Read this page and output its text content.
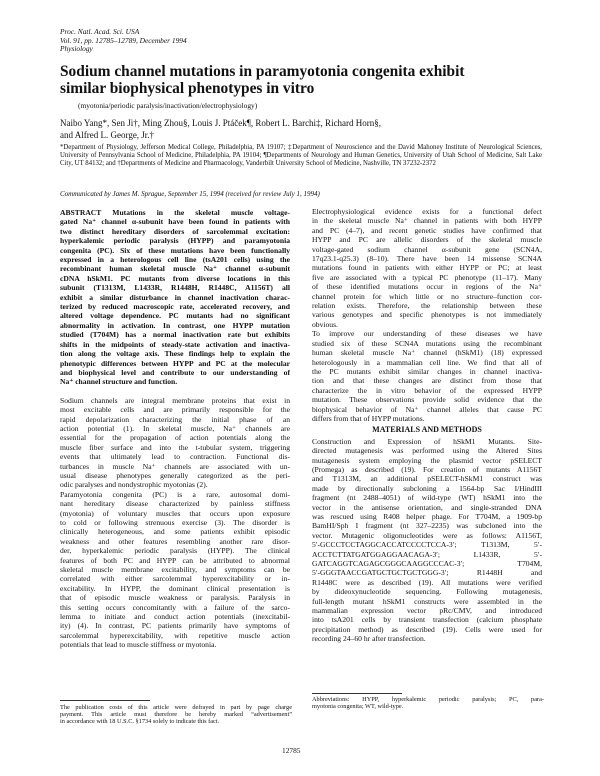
Proc. Natl. Acad. Sci. USA
Vol. 91, pp. 12785–12789, December 1994
Physiology
Sodium channel mutations in paramyotonia congenita exhibit
similar biophysical phenotypes in vitro
(myotonia/periodic paralysis/inactivation/electrophysiology)
Naibo Yang*, Sen Ji†, Ming Zhou§, Louis J. Ptáček¶, Robert L. Barchi‡, Richard Horn§,
and Alfred L. George, Jr.†
*Department of Physiology, Jefferson Medical College, Philadelphia, PA 19107; ‡Department of Neuroscience and the David Mahoney Institute of Neurological Sciences, University of Pennsylvania School of Medicine, Philadelphia, PA 19104; ¶Departments of Neurology and Human Genetics, University of Utah School of Medicine, Salt Lake City, UT 84132; and †Departments of Medicine and Pharmacology, Vanderbilt University School of Medicine, Nashville, TN 37232-2372
Communicated by James M. Sprague, September 15, 1994 (received for review July 1, 1994)
ABSTRACT Mutations in the skeletal muscle voltage-
gated Na⁺ channel α-subunit have been found in patients with
two distinct hereditary disorders of sarcolemmal excitation:
hyperkalemic periodic paralysis (HYPP) and paramyotonia
congenita (PC). Six of these mutations have been functionally
expressed in a heterologous cell line (tsA201 cells) using the
recombinant human skeletal muscle Na⁺ channel α-subunit
cDNA hSkM1. PC mutants from diverse locations in this
subunit (T1313M, L1433R, R1448H, R1448C, A1156T) all
exhibit a similar disturbance in channel inactivation charac-
terized by reduced macroscopic rate, accelerated recovery, and
altered voltage dependence. PC mutants had no significant
abnormality in activation. In contrast, one HYPP mutation
studied (T704M) has a normal inactivation rate but exhibits
shifts in the midpoints of steady-state activation and inactiva-
tion along the voltage axis. These findings help to explain the
phenotypic differences between HYPP and PC at the molecular
and biophysical level and contribute to our understanding of
Na⁺ channel structure and function.
Sodium channels are integral membrane proteins that exist in
most excitable cells and are primarily responsible for the
rapid depolarization characterizing the initial phase of an
action potential (1). In skeletal muscle, Na⁺ channels are
essential for the propagation of action potentials along the
muscle fiber surface and into the t-tubular system, triggering
events that ultimately lead to contraction. Functional dis-
turbances in muscle Na⁺ channels are associated with un-
usual disease phenotypes generally categorized as the peri-
odic paralyses and nondystrophic myotonias (2).
Paramyotonia congenita (PC) is a rare, autosomal domi-
nant hereditary disease characterized by painless stiffness
(myotonia) of voluntary muscles that occurs upon exposure
to cold or following strenuous exercise (3). The disorder is
clinically heterogeneous, and some patients exhibit episodic
weakness and other features resembling another rare disor-
der, hyperkalemic periodic paralysis (HYPP). The clinical
features of both PC and HYPP can be attributed to abnormal
skeletal muscle membrane excitability, and symptoms can be
correlated with either sarcolemmal hyperexcitability or in-
excitability. In HYPP, the dominant clinical presentation is
that of episodic muscle weakness or paralysis. Paralysis in
this setting occurs concomitantly with a failure of the sarco-
lemma to initiate and conduct action potentials (inexcitabil-
ity) (4). In contrast, PC patients primarily have symptoms of
sarcolemmal hyperexcitability, with repetitive muscle action
potentials that lead to muscle stiffness or myotonia.
The publication costs of this article were defrayed in part by page charge
payment. This article must therefore be hereby marked “advertisement”
in accordance with 18 U.S.C. §1734 solely to indicate this fact.
Electrophysiological evidence exists for a functional defect
in the skeletal muscle Na⁺ channel in patients with both HYPP
and PC (4–7), and recent genetic studies have confirmed that
HYPP and PC are allelic disorders of the skeletal muscle
voltage-gated sodium channel α-subunit gene (SCN4A,
17q23.1-q25.3) (8–10). There have been 14 missense SCN4A
mutations found in patients with either HYPP or PC; at least
five are associated with a typical PC phenotype (11–17). Many
of these identified mutations occur in regions of the Na⁺
channel protein for which little or no structure–function cor-
relation exists. Therefore, the relationship between these
various genotypes and specific phenotypes is not immediately
obvious.
To improve our understanding of these diseases we have
studied six of these SCN4A mutations using the recombinant
human skeletal muscle Na⁺ channel (hSkM1) (18) expressed
heterologously in a mammalian cell line. We find that all of
the PC mutants exhibit similar changes in channel inactiva-
tion and that these changes are distinct from those that
characterize the in vitro behavior of the expressed HYPP
mutation. These observations provide solid evidence that the
biophysical behavior of Na⁺ channel alleles that cause PC
differs from that of HYPP mutations.
MATERIALS AND METHODS
Construction and Expression of hSkM1 Mutants. Site-
directed mutagenesis was performed using the Altered Sites
mutagenesis system employing the plasmid vector pSELECT
(Promega) as described (19). For creation of mutants A1156T
and T1313M, an additional pSELECT-hSkM1 construct was
made by directionally subcloning a 1564-bp Sac I/HindIII
fragment (nt 2488–4051) of wild-type (WT) hSkM1 into the
vector in the antisense orientation, and single-stranded DNA
was rescued using R408 helper phage. For T704M, a 1909-bp
BamHI/Sph I fragment (nt 327–2235) was subcloned into the
vector. Mutagenic oligonucleotides were as follows: A1156T,
5′-GCCCTCCTAGGCACCATCCCCTCCA-3′; T1313M, 5′-
ACCTCTTATGATGGAGGAACAGA-3′; L1433R, 5′-
GATCAGGTCAGAGCGGGCAAGGCCCAC-3′; T704M,
5′-GGGTAACCGATGCTGCTGCTGGG-3′; R1448H and
R1448C were as described (19). All mutations were verified
by dideoxynucleotide sequencing. Following mutagenesis,
full-length mutant hSkM1 constructs were assembled in the
mammalian expression vector pRc/CMV, and introduced
into tsA201 cells by transient transfection (calcium phosphate
precipitation method) as described (19). Cells were used for
recording 24–60 hr after transfection.
Abbreviations: HYPP, hyperkalemic periodic paralysis; PC, para-
myotonia congenita; WT, wild-type.
12785
